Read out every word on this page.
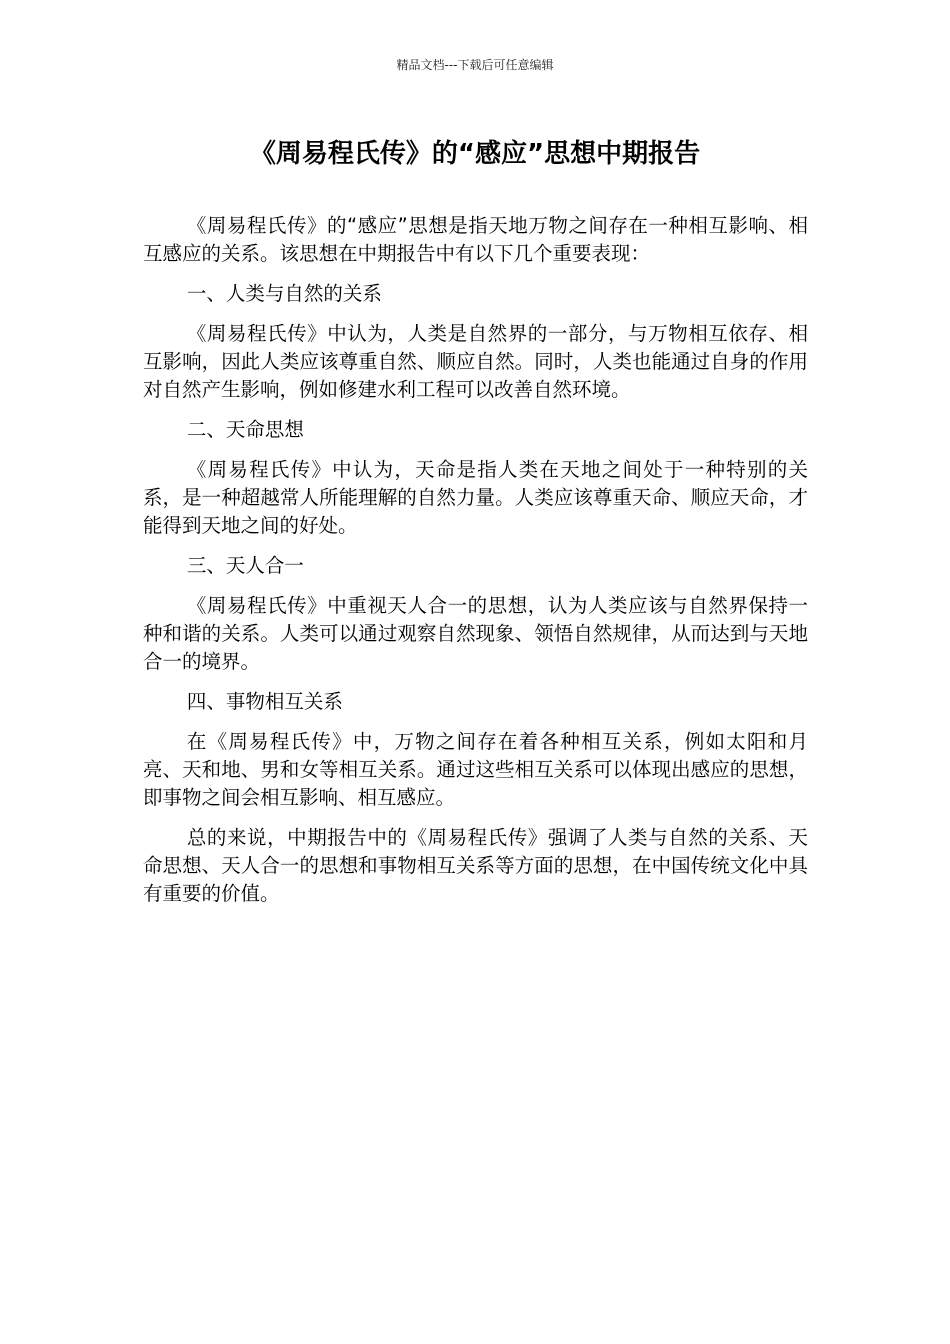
精品文档---下载后可任意编辑
《周易程氏传》的“感应”思想中期报告

《周易程氏传》的“感应”思想是指天地万物之间存在一种相互影响、相互感应的关系。该思想在中期报告中有以下几个重要表现：

一、人类与自然的关系

《周易程氏传》中认为，人类是自然界的一部分，与万物相互依存、相互影响，因此人类应该尊重自然、顺应自然。同时，人类也能通过自身的作用对自然产生影响，例如修建水利工程可以改善自然环境。

二、天命思想

《周易程氏传》中认为，天命是指人类在天地之间处于一种特别的关系，是一种超越常人所能理解的自然力量。人类应该尊重天命、顺应天命，才能得到天地之间的好处。

三、天人合一

《周易程氏传》中重视天人合一的思想，认为人类应该与自然界保持一种和谐的关系。人类可以通过观察自然现象、领悟自然规律，从而达到与天地合一的境界。

四、事物相互关系

在《周易程氏传》中，万物之间存在着各种相互关系，例如太阳和月亮、天和地、男和女等相互关系。通过这些相互关系可以体现出感应的思想，即事物之间会相互影响、相互感应。

总的来说，中期报告中的《周易程氏传》强调了人类与自然的关系、天命思想、天人合一的思想和事物相互关系等方面的思想，在中国传统文化中具有重要的价值。
